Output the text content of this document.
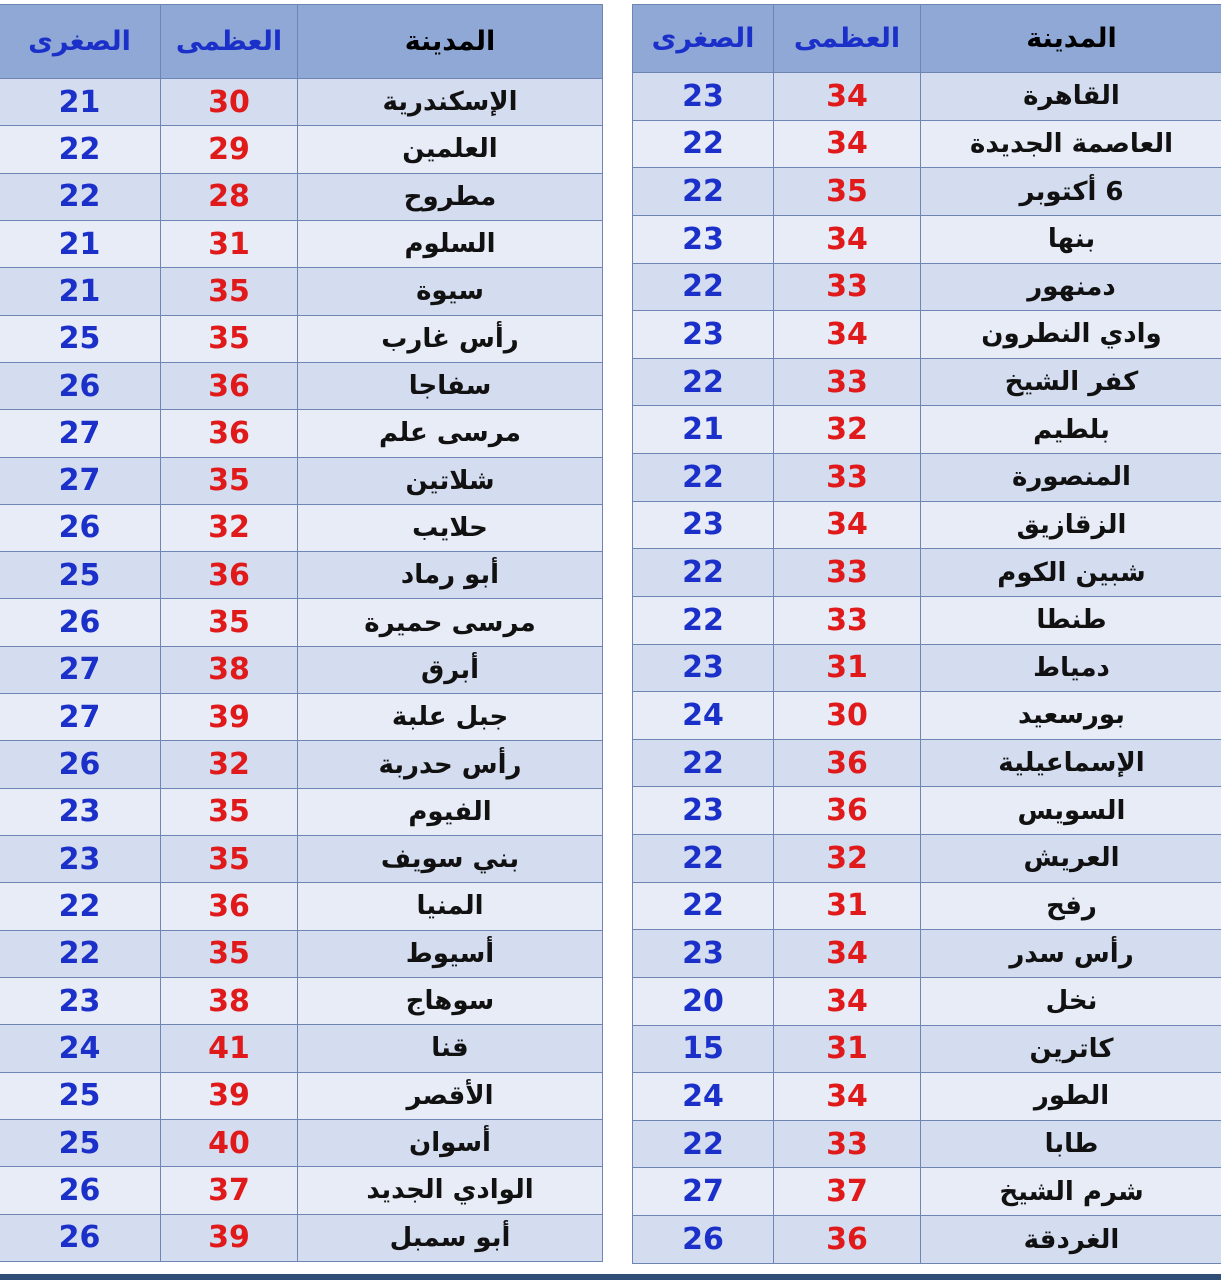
المدينة	العظمى	الصغرى
الإسكندرية	30	21
العلمين	29	22
مطروح	28	22
السلوم	31	21
سيوة	35	21
رأس غارب	35	25
سفاجا	36	26
مرسى علم	36	27
شلاتين	35	27
حلايب	32	26
أبو رماد	36	25
مرسى حميرة	35	26
أبرق	38	27
جبل علبة	39	27
رأس حدربة	32	26
الفيوم	35	23
بني سويف	35	23
المنيا	36	22
أسيوط	35	22
سوهاج	38	23
قنا	41	24
الأقصر	39	25
أسوان	40	25
الوادي الجديد	37	26
أبو سمبل	39	26
المدينة	العظمى	الصغرى
القاهرة	34	23
العاصمة الجديدة	34	22
6 أكتوبر	35	22
بنها	34	23
دمنهور	33	22
وادي النطرون	34	23
كفر الشيخ	33	22
بلطيم	32	21
المنصورة	33	22
الزقازيق	34	23
شبين الكوم	33	22
طنطا	33	22
دمياط	31	23
بورسعيد	30	24
الإسماعيلية	36	22
السويس	36	23
العريش	32	22
رفح	31	22
رأس سدر	34	23
نخل	34	20
كاترين	31	15
الطور	34	24
طابا	33	22
شرم الشيخ	37	27
الغردقة	36	26
